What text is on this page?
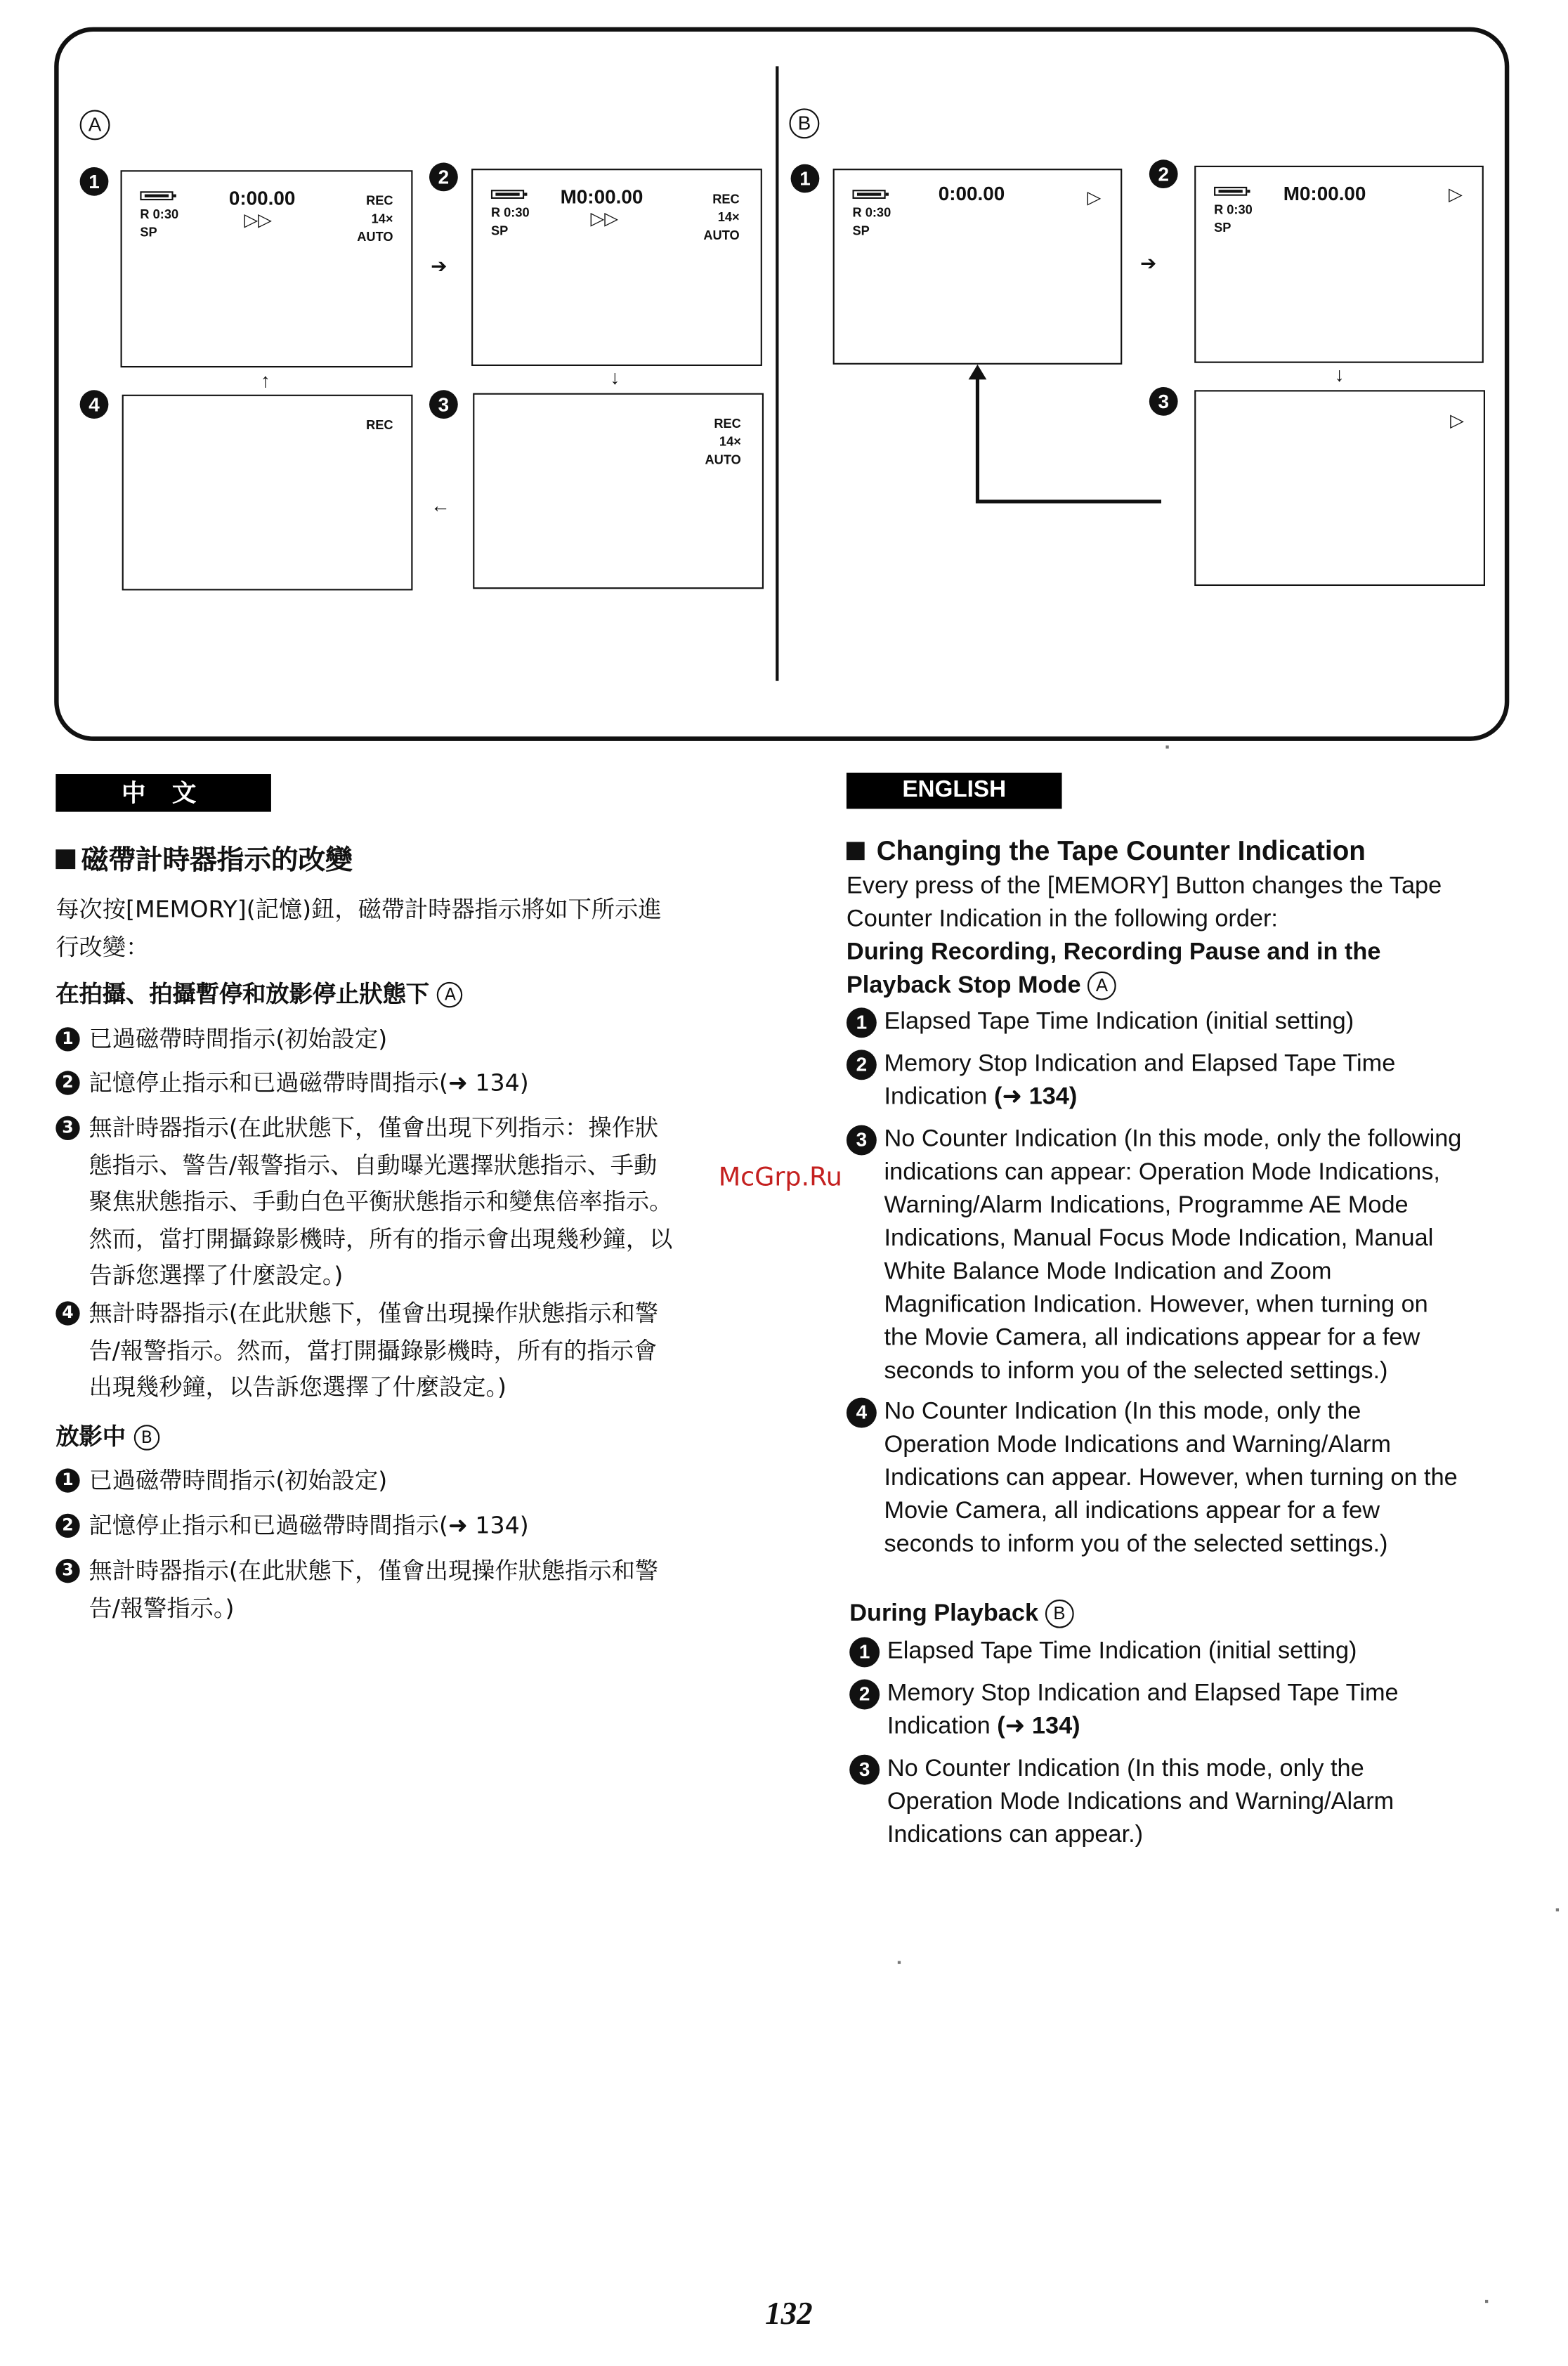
A	B
1
R 0:30
SP
0:00.00
▷▷
REC
14×
AUTO
2
R 0:30
SP
M0:00.00
▷▷
REC
14×
AUTO
3
REC
14×
AUTO
4
REC
➔
↓
←
↑
1
R 0:30
SP
0:00.00	▷
2
R 0:30
SP
M0:00.00	▷
3
▷
➔
↓
中 文
磁帶計時器指示的改變
每次按[MEMORY](記憶)鈕，磁帶計時器指示將如下所示進
行改變：
在拍攝、拍攝暫停和放影停止狀態下 A
1	已過磁帶時間指示(初始設定)
2	記憶停止指示和已過磁帶時間指示(➜ 134)
3	無計時器指示(在此狀態下，僅會出現下列指示：操作狀
態指示、警告/報警指示、自動曝光選擇狀態指示、手動
聚焦狀態指示、手動白色平衡狀態指示和變焦倍率指示。
然而，當打開攝錄影機時，所有的指示會出現幾秒鐘，以
告訴您選擇了什麼設定。)
4	無計時器指示(在此狀態下，僅會出現操作狀態指示和警
告/報警指示。然而，當打開攝錄影機時，所有的指示會
出現幾秒鐘，以告訴您選擇了什麼設定。)
放影中 B
1	已過磁帶時間指示(初始設定)
2	記憶停止指示和已過磁帶時間指示(➜ 134)
3	無計時器指示(在此狀態下，僅會出現操作狀態指示和警
告/報警指示。)
ENGLISH
Changing the Tape Counter Indication
Every press of the [MEMORY] Button changes the Tape
Counter Indication in the following order:
During Recording, Recording Pause and in the
Playback Stop Mode A
1	Elapsed Tape Time Indication (initial setting)
2	Memory Stop Indication and Elapsed Tape Time
Indication (➜ 134)
3	No Counter Indication (In this mode, only the following
indications can appear: Operation Mode Indications,
Warning/Alarm Indications, Programme AE Mode
Indications, Manual Focus Mode Indication, Manual
White Balance Mode Indication and Zoom
Magnification Indication. However, when turning on
the Movie Camera, all indications appear for a few
seconds to inform you of the selected settings.)
4	No Counter Indication (In this mode, only the
Operation Mode Indications and Warning/Alarm
Indications can appear. However, when turning on the
Movie Camera, all indications appear for a few
seconds to inform you of the selected settings.)
During Playback B
1	Elapsed Tape Time Indication (initial setting)
2	Memory Stop Indication and Elapsed Tape Time
Indication (➜ 134)
3	No Counter Indication (In this mode, only the
Operation Mode Indications and Warning/Alarm
Indications can appear.)
McGrp.Ru
132
